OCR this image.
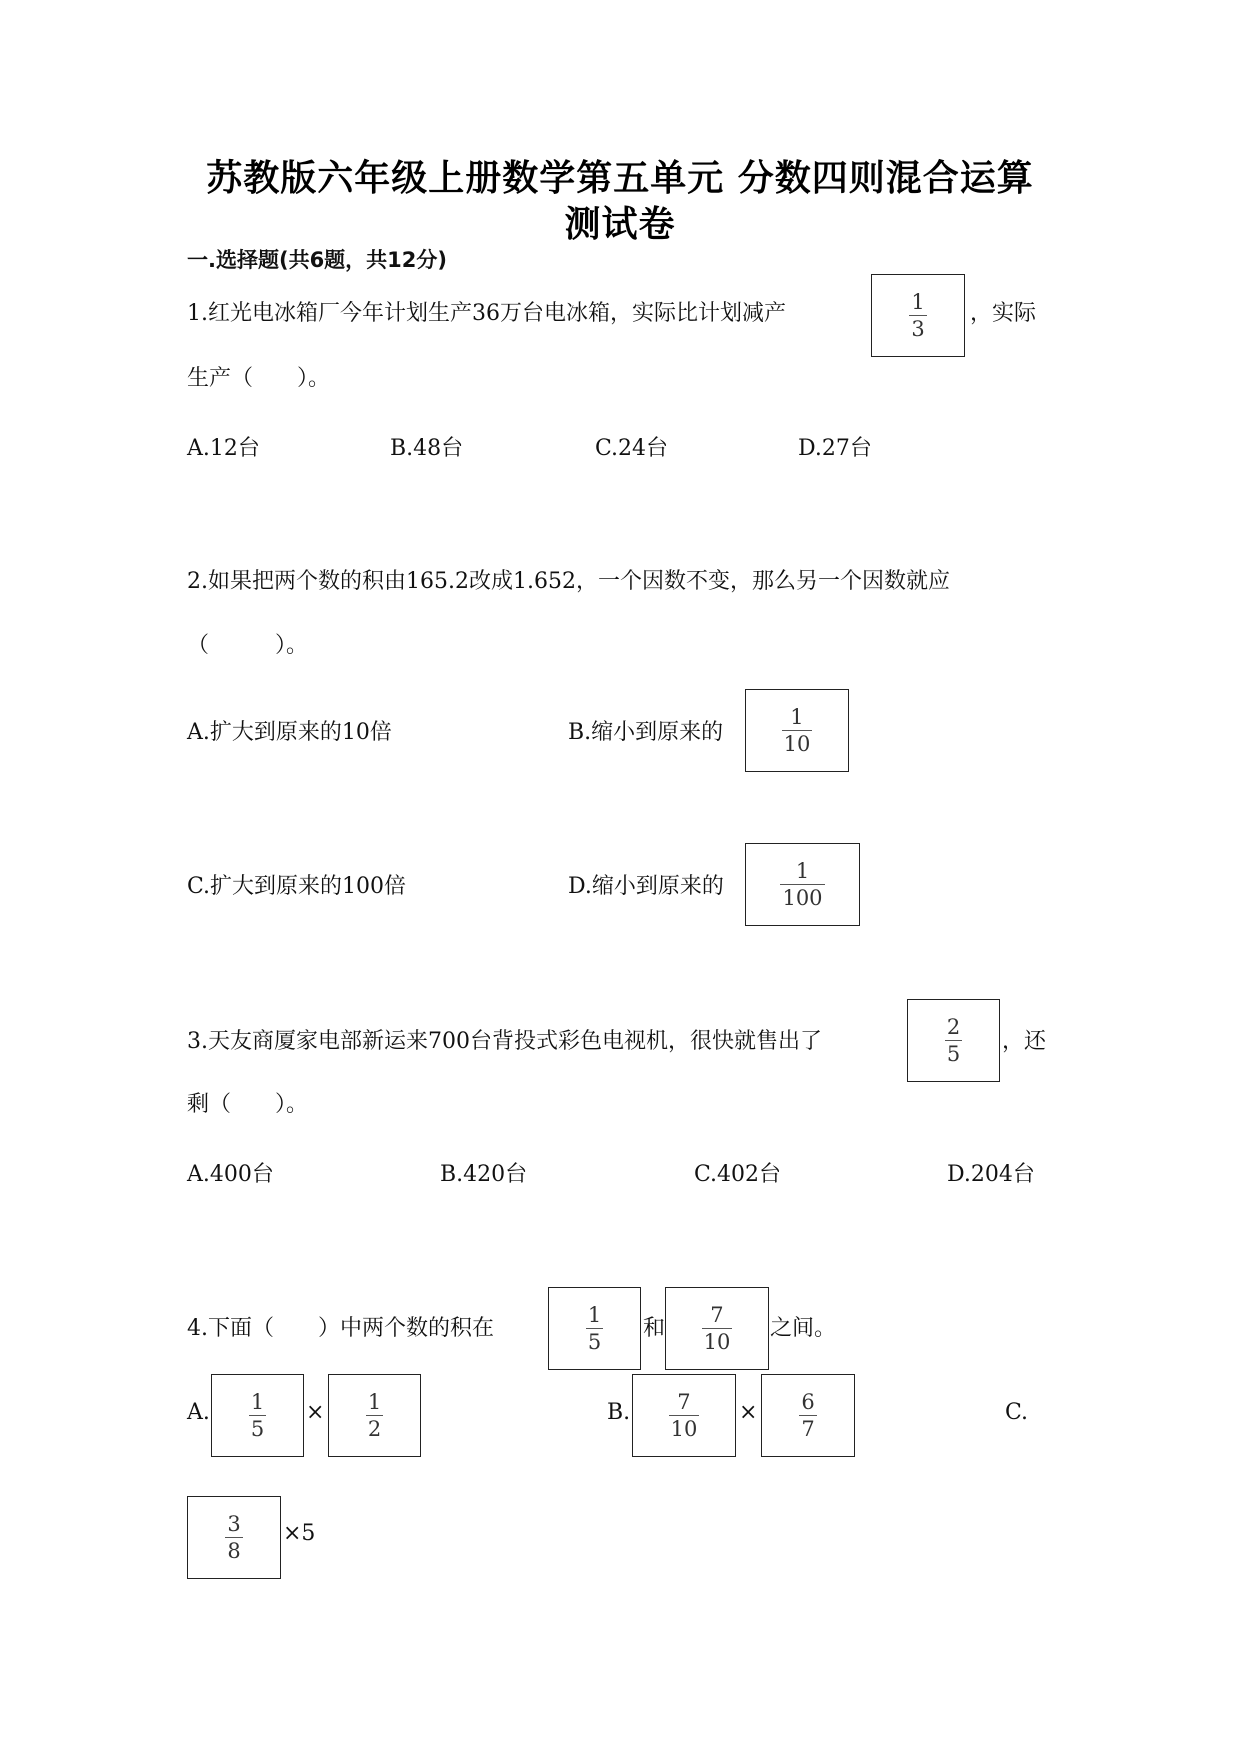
苏教版六年级上册数学第五单元 分数四则混合运算
测试卷
一.选择题(共6题，共12分)
1.红光电冰箱厂今年计划生产36万台电冰箱，实际比计划减产	$\frac{1}{3}$ ，实际
生产（　　）。
A.12台	B.48台	C.24台	D.27台
2.如果把两个数的积由165.2改成1.652，一个因数不变，那么另一个因数就应
（　　　）。
A.扩大到原来的10倍	B.缩小到原来的	$\frac{1}{10}$
C.扩大到原来的100倍	D.缩小到原来的	$\frac{1}{100}$
3.天友商厦家电部新运来700台背投式彩色电视机，很快就售出了	$\frac{2}{5}$ ，还
剩（　　）。
A.400台	B.420台	C.402台	D.204台
4.下面（　　）中两个数的积在	$\frac{1}{5}$ 和 $\frac{7}{10}$ 之间。
A. $\frac{1}{5} \times \frac{1}{2}$	B. $\frac{7}{10} \times \frac{6}{7}$	C.
$\frac{3}{8} \times 5$
